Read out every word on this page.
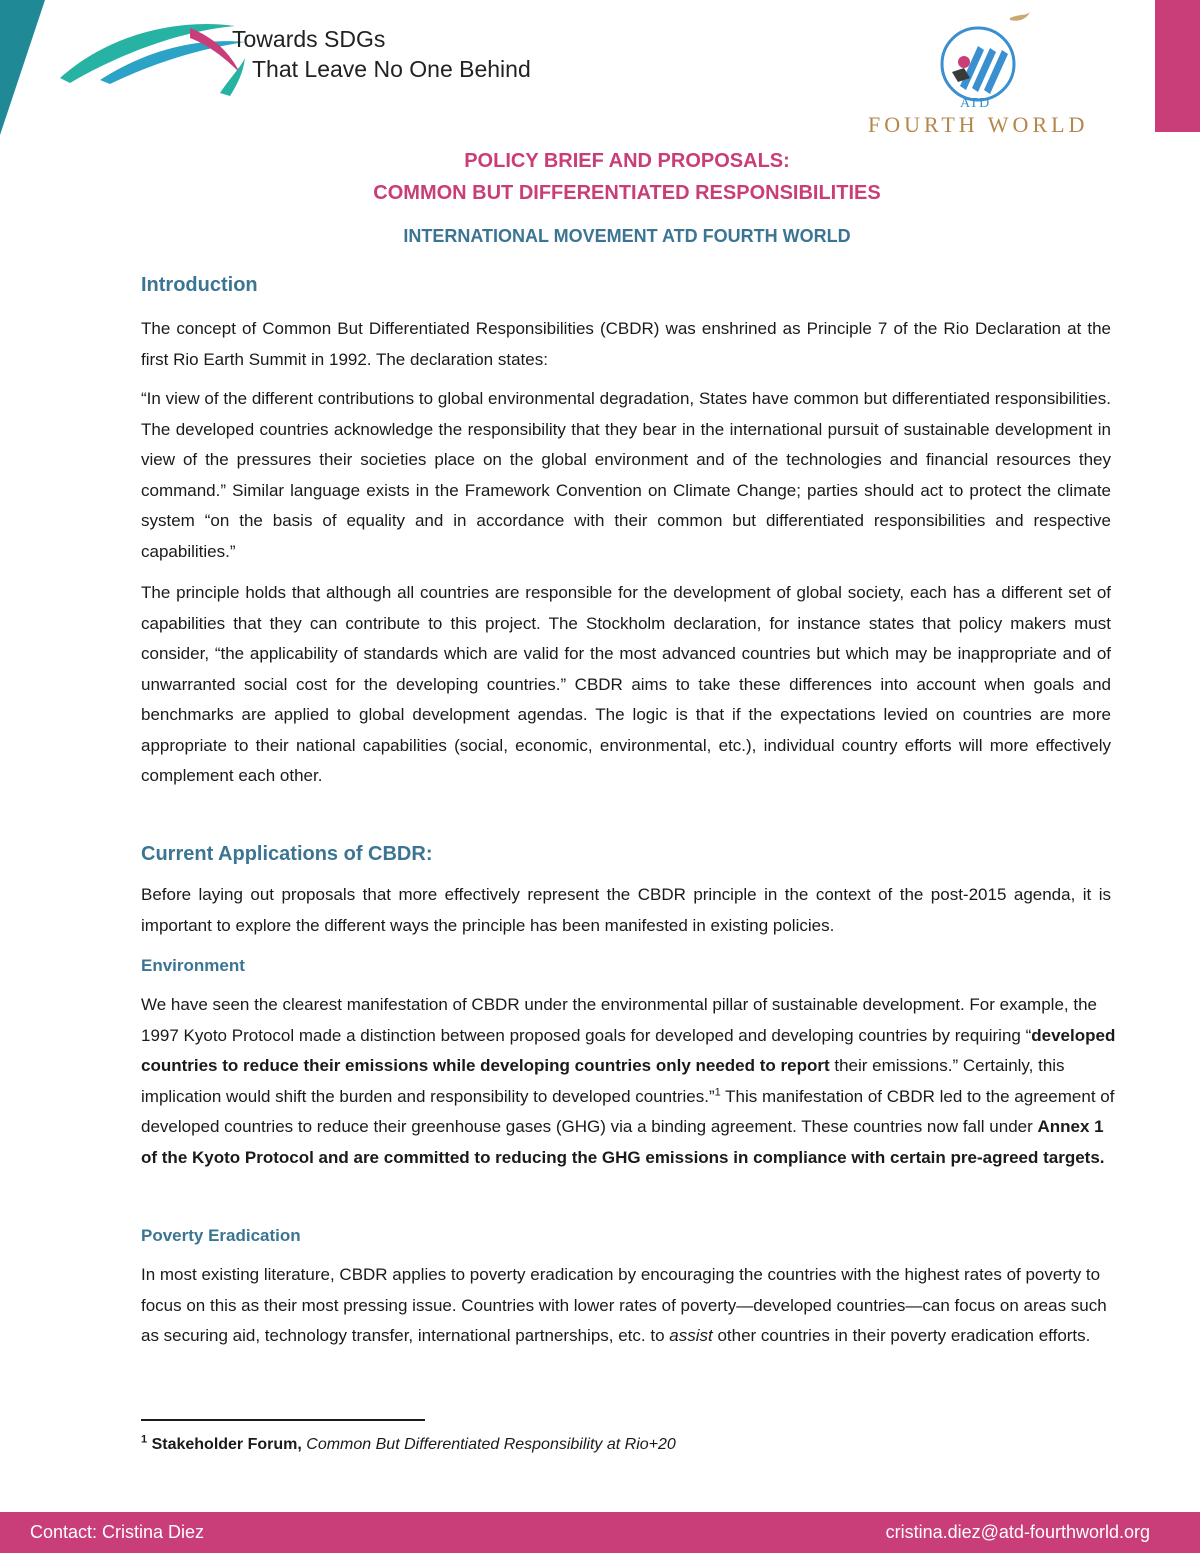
Towards SDGs
That Leave No One Behind
ATD
FOURTH WORLD
POLICY BRIEF AND PROPOSALS:
COMMON BUT DIFFERENTIATED RESPONSIBILITIES
INTERNATIONAL MOVEMENT ATD FOURTH WORLD
Introduction

The concept of Common But Differentiated Responsibilities (CBDR) was enshrined as Principle 7 of the Rio Declaration at the first Rio Earth Summit in 1992. The declaration states:

“In view of the different contributions to global environmental degradation, States have common but differentiated responsibilities. The developed countries acknowledge the responsibility that they bear in the international pursuit of sustainable development in view of the pressures their societies place on the global environment and of the technologies and financial resources they command.” Similar language exists in the Framework Convention on Climate Change; parties should act to protect the climate system “on the basis of equality and in accordance with their common but differentiated responsibilities and respective capabilities.”

The principle holds that although all countries are responsible for the development of global society, each has a different set of capabilities that they can contribute to this project. The Stockholm declaration, for instance states that policy makers must consider, “the applicability of standards which are valid for the most advanced countries but which may be inappropriate and of unwarranted social cost for the developing countries.” CBDR aims to take these differences into account when goals and benchmarks are applied to global development agendas. The logic is that if the expectations levied on countries are more appropriate to their national capabilities (social, economic, environmental, etc.), individual country efforts will more effectively complement each other.

Current Applications of CBDR:

Before laying out proposals that more effectively represent the CBDR principle in the context of the post-2015 agenda, it is important to explore the different ways the principle has been manifested in existing policies.

Environment

We have seen the clearest manifestation of CBDR under the environmental pillar of sustainable development. For example, the 1997 Kyoto Protocol made a distinction between proposed goals for developed and developing countries by requiring “developed countries to reduce their emissions while developing countries only needed to report their emissions.” Certainly, this implication would shift the burden and responsibility to developed countries.”$^1$ This manifestation of CBDR led to the agreement of developed countries to reduce their greenhouse gases (GHG) via a binding agreement. These countries now fall under Annex 1 of the Kyoto Protocol and are committed to reducing the GHG emissions in compliance with certain pre-agreed targets.

Poverty Eradication

In most existing literature, CBDR applies to poverty eradication by encouraging the countries with the highest rates of poverty to focus on this as their most pressing issue. Countries with lower rates of poverty—developed countries—can focus on areas such as securing aid, technology transfer, international partnerships, etc. to assist other countries in their poverty eradication efforts.

$^1$ Stakeholder Forum, Common But Differentiated Responsibility at Rio+20
Contact: Cristina Diez	cristina.diez@atd-fourthworld.org
